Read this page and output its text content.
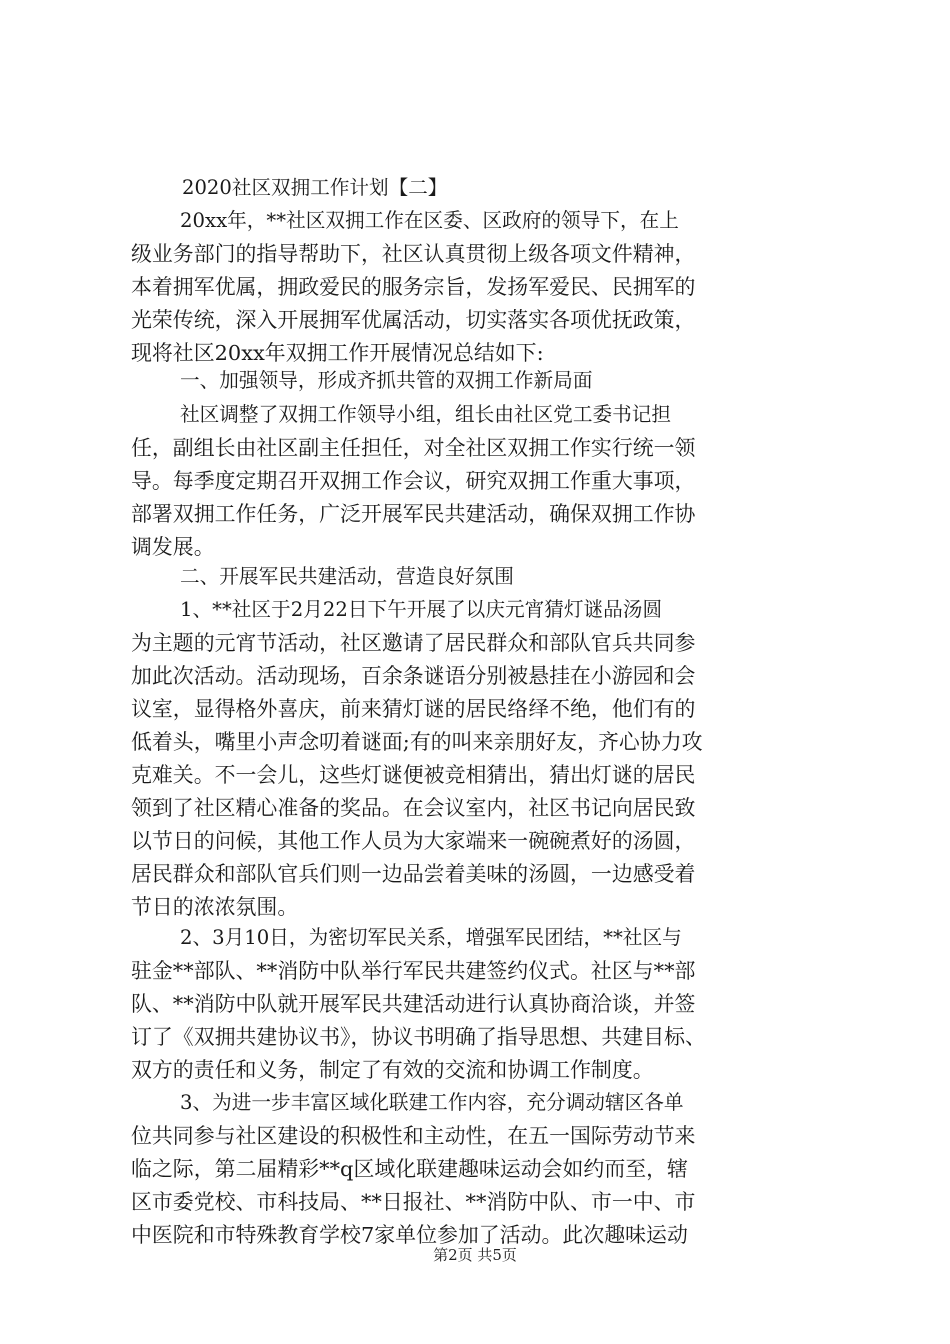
2020社区双拥工作计划【二】
20xx年，**社区双拥工作在区委、区政府的领导下，在上
级业务部门的指导帮助下，社区认真贯彻上级各项文件精神，
本着拥军优属，拥政爱民的服务宗旨，发扬军爱民、民拥军的
光荣传统，深入开展拥军优属活动，切实落实各项优抚政策，
现将社区20xx年双拥工作开展情况总结如下:
一、加强领导，形成齐抓共管的双拥工作新局面
社区调整了双拥工作领导小组，组长由社区党工委书记担
任，副组长由社区副主任担任，对全社区双拥工作实行统一领
导。每季度定期召开双拥工作会议，研究双拥工作重大事项，
部署双拥工作任务，广泛开展军民共建活动，确保双拥工作协
调发展。
二、开展军民共建活动，营造良好氛围
1、**社区于2月22日下午开展了以庆元宵猜灯谜品汤圆
为主题的元宵节活动，社区邀请了居民群众和部队官兵共同参
加此次活动。活动现场，百余条谜语分别被悬挂在小游园和会
议室，显得格外喜庆，前来猜灯谜的居民络绎不绝，他们有的
低着头，嘴里小声念叨着谜面;有的叫来亲朋好友，齐心协力攻
克难关。不一会儿，这些灯谜便被竞相猜出，猜出灯谜的居民
领到了社区精心准备的奖品。在会议室内，社区书记向居民致
以节日的问候，其他工作人员为大家端来一碗碗煮好的汤圆，
居民群众和部队官兵们则一边品尝着美味的汤圆，一边感受着
节日的浓浓氛围。
2、3月10日，为密切军民关系，增强军民团结，**社区与
驻金**部队、**消防中队举行军民共建签约仪式。社区与**部
队、**消防中队就开展军民共建活动进行认真协商洽谈，并签
订了《双拥共建协议书》，协议书明确了指导思想、共建目标、
双方的责任和义务，制定了有效的交流和协调工作制度。
3、为进一步丰富区域化联建工作内容，充分调动辖区各单
位共同参与社区建设的积极性和主动性，在五一国际劳动节来
临之际，第二届精彩**q区域化联建趣味运动会如约而至，辖
区市委党校、市科技局、**日报社、**消防中队、市一中、市
中医院和市特殊教育学校7家单位参加了活动。此次趣味运动
第2页 共5页
